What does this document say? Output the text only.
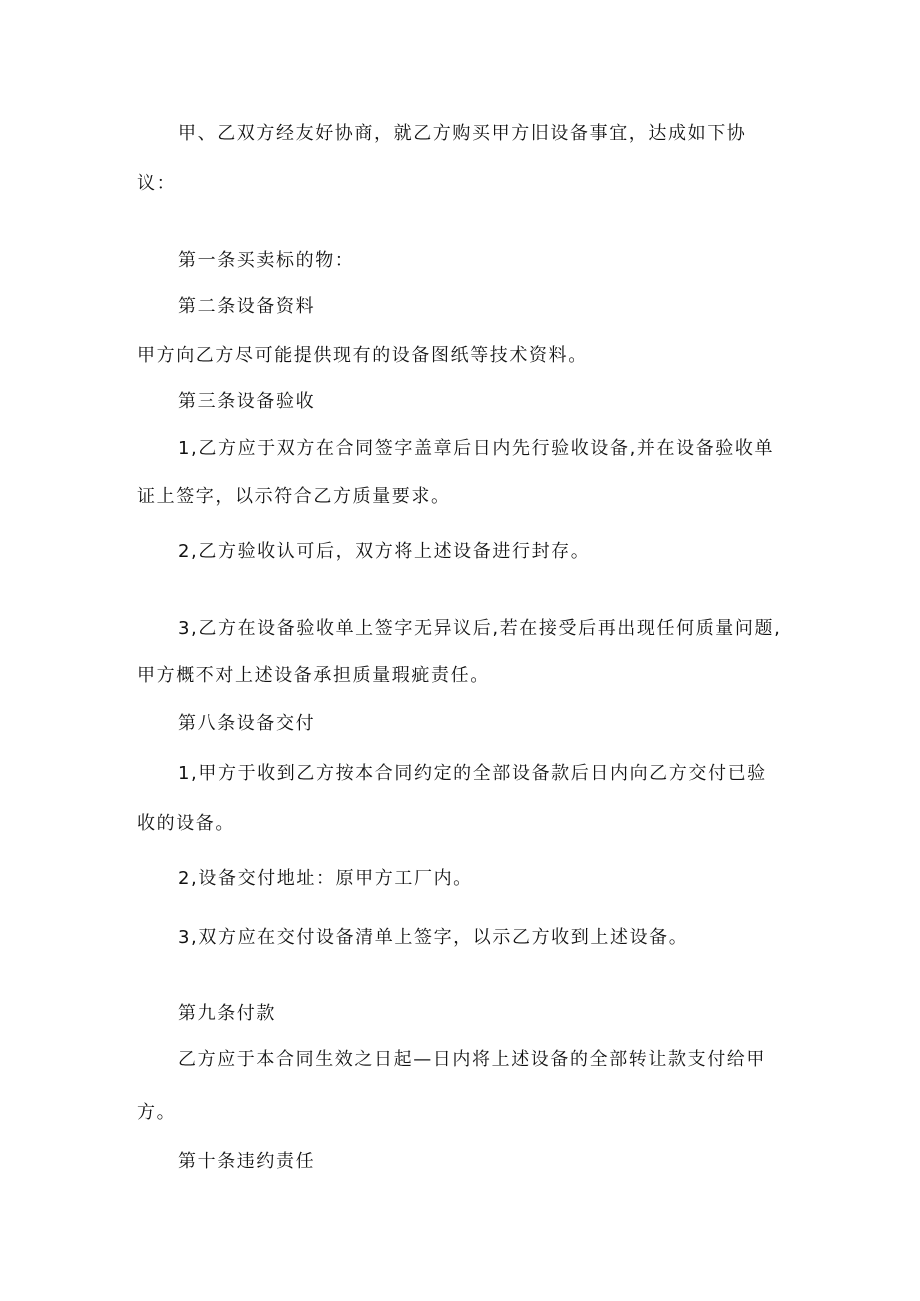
甲、乙双方经友好协商，就乙方购买甲方旧设备事宜，达成如下协
议：
第一条买卖标的物：
第二条设备资料
甲方向乙方尽可能提供现有的设备图纸等技术资料。
第三条设备验收
1,乙方应于双方在合同签字盖章后日内先行验收设备,并在设备验收单
证上签字，以示符合乙方质量要求。
2,乙方验收认可后，双方将上述设备进行封存。
3,乙方在设备验收单上签字无异议后,若在接受后再出现任何质量问题,
甲方概不对上述设备承担质量瑕疵责任。
第八条设备交付
1,甲方于收到乙方按本合同约定的全部设备款后日内向乙方交付已验
收的设备。
2,设备交付地址：原甲方工厂内。
3,双方应在交付设备清单上签字，以示乙方收到上述设备。
第九条付款
乙方应于本合同生效之日起—日内将上述设备的全部转让款支付给甲
方。
第十条违约责任
